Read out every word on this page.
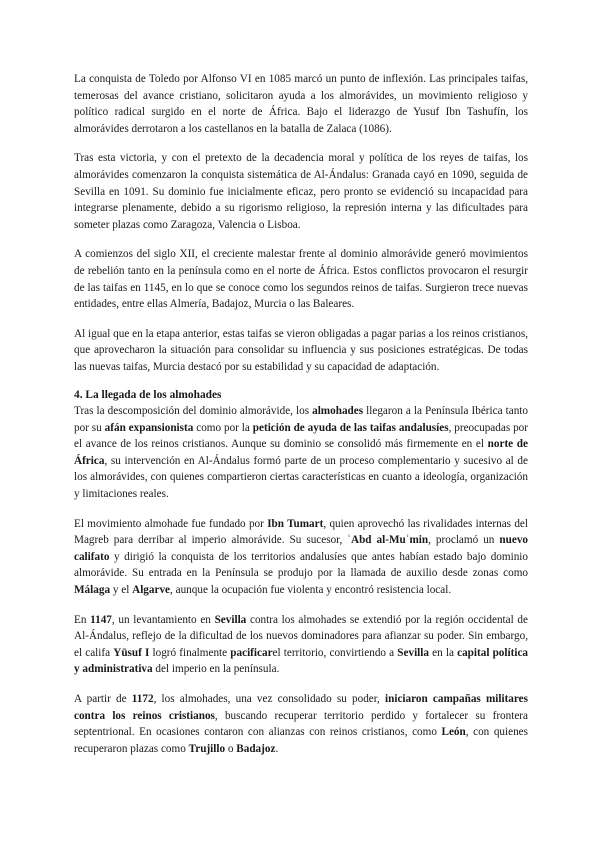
La conquista de Toledo por Alfonso VI en 1085 marcó un punto de inflexión. Las principales taifas, temerosas del avance cristiano, solicitaron ayuda a los almorávides, un movimiento religioso y político radical surgido en el norte de África. Bajo el liderazgo de Yusuf Ibn Tashufín, los almorávides derrotaron a los castellanos en la batalla de Zalaca (1086).

Tras esta victoria, y con el pretexto de la decadencia moral y política de los reyes de taifas, los almorávides comenzaron la conquista sistemática de Al-Ándalus: Granada cayó en 1090, seguida de Sevilla en 1091. Su dominio fue inicialmente eficaz, pero pronto se evidenció su incapacidad para integrarse plenamente, debido a su rigorismo religioso, la represión interna y las dificultades para someter plazas como Zaragoza, Valencia o Lisboa.

A comienzos del siglo XII, el creciente malestar frente al dominio almorávide generó movimientos de rebelión tanto en la península como en el norte de África. Estos conflictos provocaron el resurgir de las taifas en 1145, en lo que se conoce como los segundos reinos de taifas. Surgieron trece nuevas entidades, entre ellas Almería, Badajoz, Murcia o las Baleares.

Al igual que en la etapa anterior, estas taifas se vieron obligadas a pagar parias a los reinos cristianos, que aprovecharon la situación para consolidar su influencia y sus posiciones estratégicas. De todas las nuevas taifas, Murcia destacó por su estabilidad y su capacidad de adaptación.

4. La llegada de los almohades

Tras la descomposición del dominio almorávide, los almohades llegaron a la Península Ibérica tanto por su afán expansionista como por la petición de ayuda de las taifas andalusíes, preocupadas por el avance de los reinos cristianos. Aunque su dominio se consolidó más firmemente en el norte de África, su intervención en Al-Ándalus formó parte de un proceso complementario y sucesivo al de los almorávides, con quienes compartieron ciertas características en cuanto a ideología, organización y limitaciones reales.

El movimiento almohade fue fundado por Ibn Tumart, quien aprovechó las rivalidades internas del Magreb para derribar al imperio almorávide. Su sucesor, ʿAbd al-Muʾmin, proclamó un nuevo califato y dirigió la conquista de los territorios andalusíes que antes habían estado bajo dominio almorávide. Su entrada en la Península se produjo por la llamada de auxilio desde zonas como Málaga y el Algarve, aunque la ocupación fue violenta y encontró resistencia local.

En 1147, un levantamiento en Sevilla contra los almohades se extendió por la región occidental de Al-Ándalus, reflejo de la dificultad de los nuevos dominadores para afianzar su poder. Sin embargo, el califa Yūsuf I logró finalmente pacificarel territorio, convirtiendo a Sevilla en la capital política y administrativa del imperio en la península.

A partir de 1172, los almohades, una vez consolidado su poder, iniciaron campañas militares contra los reinos cristianos, buscando recuperar territorio perdido y fortalecer su frontera septentrional. En ocasiones contaron con alianzas con reinos cristianos, como León, con quienes recuperaron plazas como Trujillo o Badajoz.
